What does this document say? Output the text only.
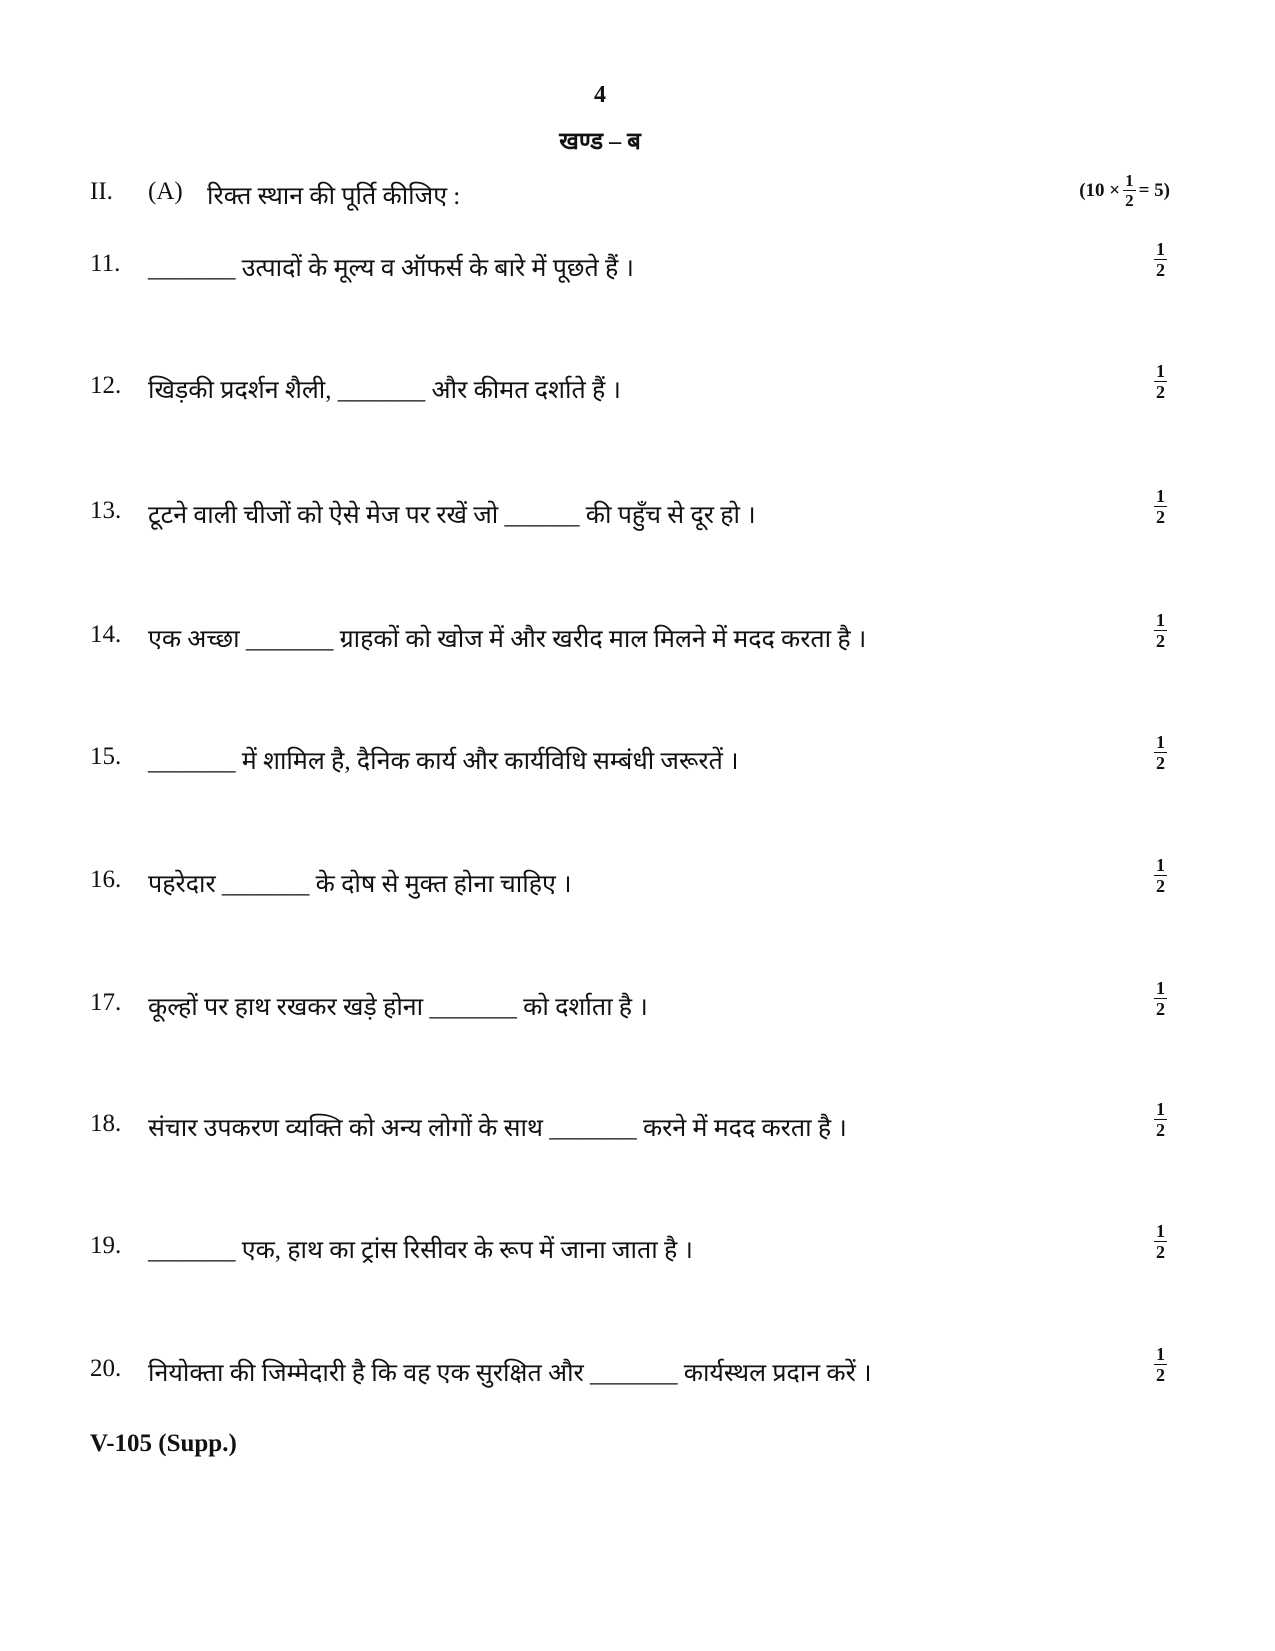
4
खण्ड – ब
II. (A) रिक्त स्थान की पूर्ति कीजिए :	$(10 \times \frac{1}{2} = 5)$
11. _______ उत्पादों के मूल्य व ऑफर्स के बारे में पूछते हैं ।	$\frac{1}{2}$
12. खिड़की प्रदर्शन शैली, _______ और कीमत दर्शाते हैं ।	$\frac{1}{2}$
13. टूटने वाली चीजों को ऐसे मेज पर रखें जो ______ की पहुँच से दूर हो ।	$\frac{1}{2}$
14. एक अच्छा _______ ग्राहकों को खोज में और खरीद माल मिलने में मदद करता है ।	$\frac{1}{2}$
15. _______ में शामिल है, दैनिक कार्य और कार्यविधि सम्बंधी जरूरतें ।	$\frac{1}{2}$
16. पहरेदार _______ के दोष से मुक्त होना चाहिए ।	$\frac{1}{2}$
17. कूल्हों पर हाथ रखकर खड़े होना _______ को दर्शाता है ।	$\frac{1}{2}$
18. संचार उपकरण व्यक्ति को अन्य लोगों के साथ _______ करने में मदद करता है ।	$\frac{1}{2}$
19. _______ एक, हाथ का ट्रांस रिसीवर के रूप में जाना जाता है ।	$\frac{1}{2}$
20. नियोक्ता की जिम्मेदारी है कि वह एक सुरक्षित और _______ कार्यस्थल प्रदान करें ।	$\frac{1}{2}$
V-105 (Supp.)
